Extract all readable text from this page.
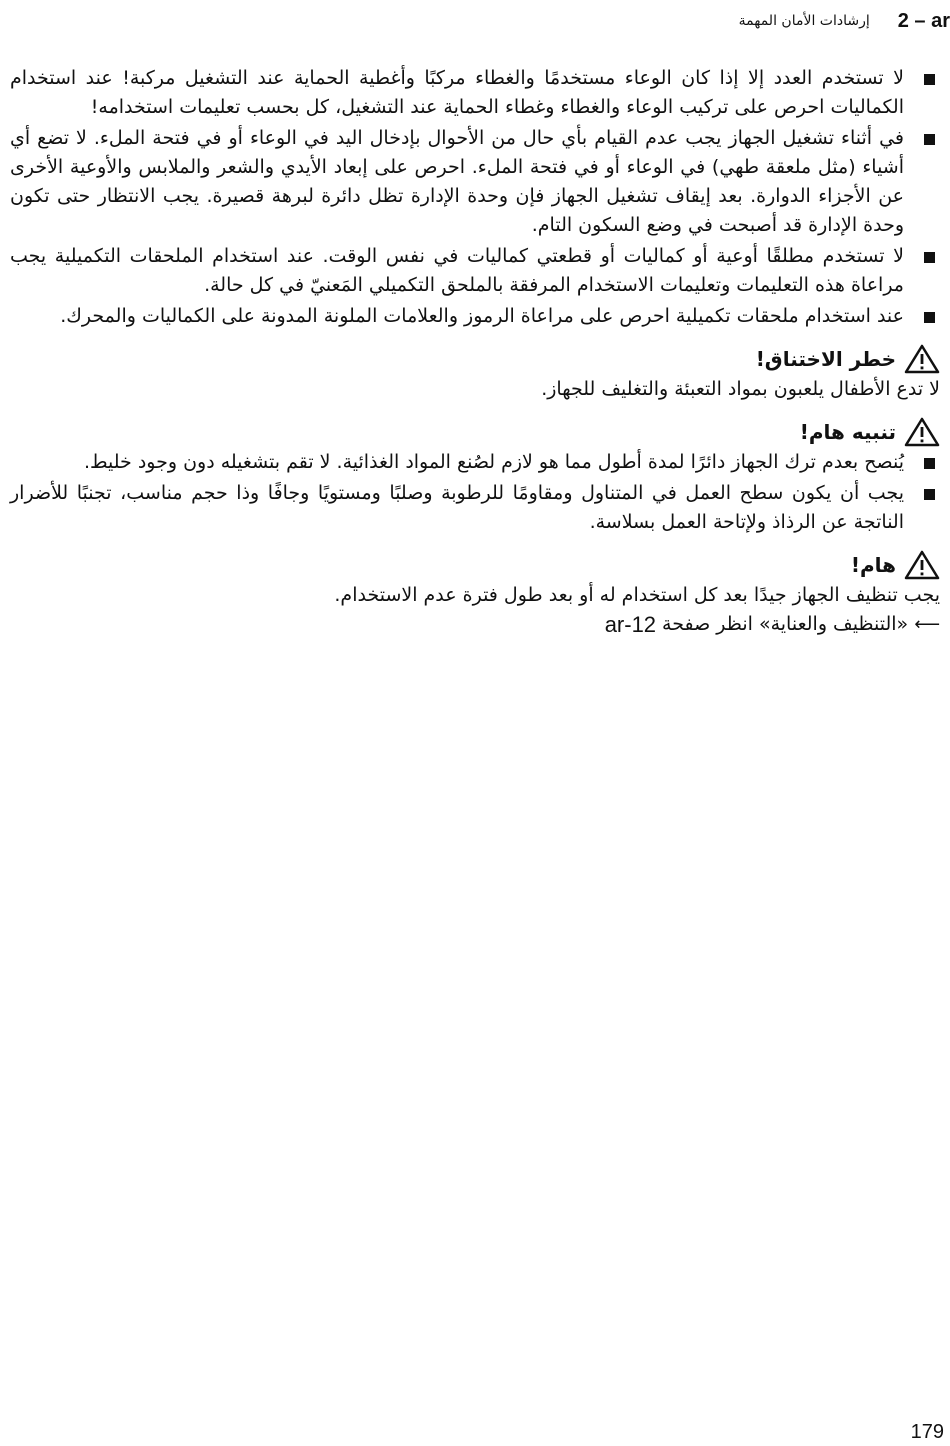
2 – ar
إرشادات الأمان المهمة
لا تستخدم العدد إلا إذا كان الوعاء مستخدمًا والغطاء مركبًا وأغطية الحماية عند التشغيل مركبة! عند استخدام الكماليات احرص على تركيب الوعاء والغطاء وغطاء الحماية عند التشغيل، كل بحسب تعليمات استخدامه!
في أثناء تشغيل الجهاز يجب عدم القيام بأي حال من الأحوال بإدخال اليد في الوعاء أو في فتحة الملء. لا تضع أي أشياء (مثل ملعقة طهي) في الوعاء أو في فتحة الملء. احرص على إبعاد الأيدي والشعر والملابس والأوعية الأخرى عن الأجزاء الدوارة. بعد إيقاف تشغيل الجهاز فإن وحدة الإدارة تظل دائرة لبرهة قصيرة. يجب الانتظار حتى تكون وحدة الإدارة قد أصبحت في وضع السكون التام.
لا تستخدم مطلقًا أوعية أو كماليات أو قطعتي كماليات في نفس الوقت. عند استخدام الملحقات التكميلية يجب مراعاة هذه التعليمات وتعليمات الاستخدام المرفقة بالملحق التكميلي المَعنيّ في كل حالة.
عند استخدام ملحقات تكميلية احرص على مراعاة الرموز والعلامات الملونة المدونة على الكماليات والمحرك.
خطر الاختناق!

لا تدع الأطفال يلعبون بمواد التعبئة والتغليف للجهاز.

تنبيه هام!
يُنصح بعدم ترك الجهاز دائرًا لمدة أطول مما هو لازم لصُنع المواد الغذائية. لا تقم بتشغيله دون وجود خليط.
يجب أن يكون سطح العمل في المتناول ومقاومًا للرطوبة وصلبًا ومستويًا وجافًا وذا حجم مناسب، تجنبًا للأضرار الناتجة عن الرذاذ ولإتاحة العمل بسلاسة.
هام!

يجب تنظيف الجهاز جيدًا بعد كل استخدام له أو بعد طول فترة عدم الاستخدام.

⟵
«التنظيف والعناية» انظر صفحة
ar-12
179
